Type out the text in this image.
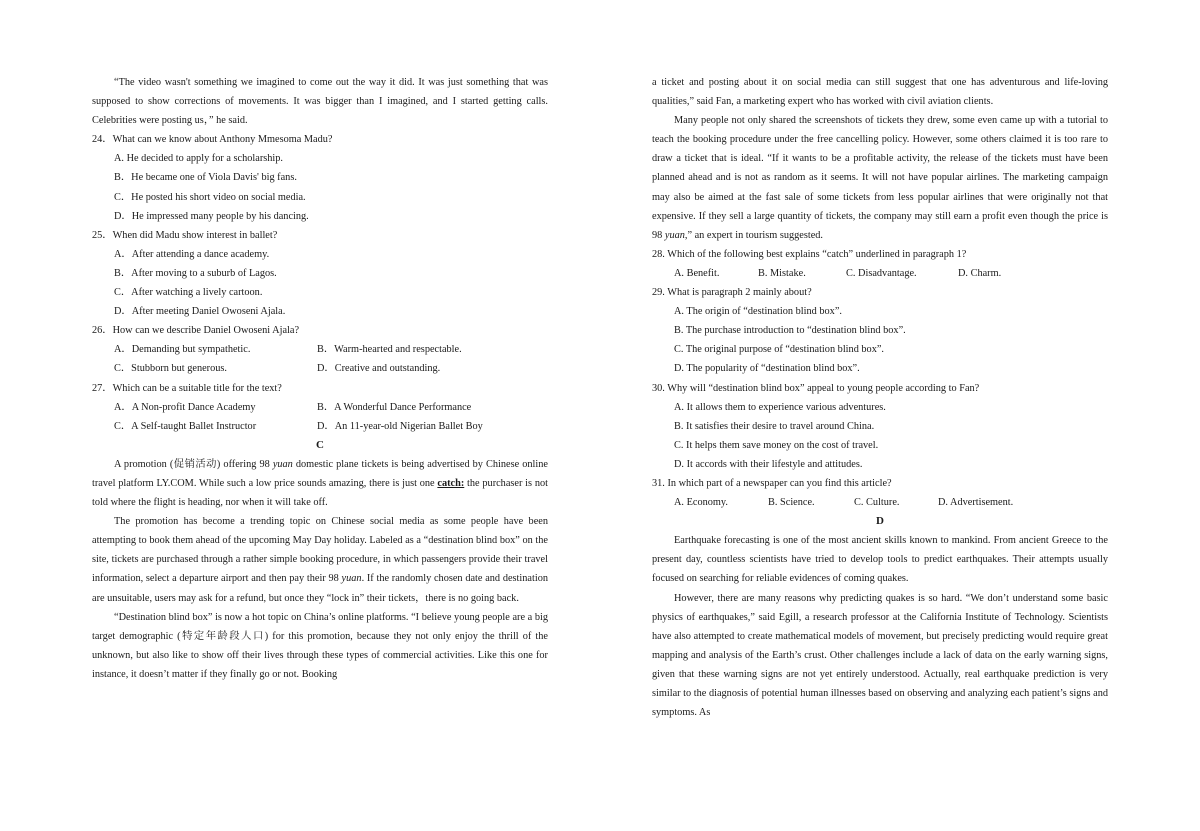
“The video wasn't something we imagined to come out the way it did. It was just something that was supposed to show corrections of movements. It was bigger than I imagined, and I started getting calls. Celebrities were posting us，” he said.

24．What can we know about Anthony Mmesoma Madu?

A. He decided to apply for a scholarship.

B．He became one of Viola Davis' big fans.

C．He posted his short video on social media.

D．He impressed many people by his dancing.

25．When did Madu show interest in ballet?

A．After attending a dance academy.

B．After moving to a suburb of Lagos.

C．After watching a lively cartoon.

D．After meeting Daniel Owoseni Ajala.

26．How can we describe Daniel Owoseni Ajala?

A．Demanding but sympathetic.	B．Warm-hearted and respectable.
C．Stubborn but generous.	D．Creative and outstanding.

27．Which can be a suitable title for the text?

A．A Non-profit Dance Academy	B．A Wonderful Dance Performance
C．A Self-taught Ballet Instructor	D．An 11-year-old Nigerian Ballet Boy

C

A promotion (促销活动) offering 98 yuan domestic plane tickets is being advertised by Chinese online travel platform LY.COM. While such a low price sounds amazing, there is just one catch: the purchaser is not told where the flight is heading, nor when it will take off.

The promotion has become a trending topic on Chinese social media as some people have been attempting to book them ahead of the upcoming May Day holiday. Labeled as a “destination blind box” on the site, tickets are purchased through a rather simple booking procedure, in which passengers provide their travel information, select a departure airport and then pay their 98 yuan. If the randomly chosen date and destination are unsuitable, users may ask for a refund, but once they “lock in” their tickets，there is no going back.

“Destination blind box” is now a hot topic on China’s online platforms. “I believe young people are a big target demographic (特定年龄段人口) for this promotion, because they not only enjoy the thrill of the unknown, but also like to show off their lives through these types of commercial activities. Like this one for instance, it doesn’t matter if they finally go or not. Booking

a ticket and posting about it on social media can still suggest that one has adventurous and life-loving qualities,” said Fan, a marketing expert who has worked with civil aviation clients.

Many people not only shared the screenshots of tickets they drew, some even came up with a tutorial to teach the booking procedure under the free cancelling policy. However, some others claimed it is too rare to draw a ticket that is ideal. “If it wants to be a profitable activity, the release of the tickets must have been planned ahead and is not as random as it seems. It will not have popular airlines. The marketing campaign may also be aimed at the fast sale of some tickets from less popular airlines that were originally not that expensive. If they sell a large quantity of tickets, the company may still earn a profit even though the price is 98 yuan,” an expert in tourism suggested.

28. Which of the following best explains “catch” underlined in paragraph 1?

A. Benefit.	B. Mistake.	C. Disadvantage.	D. Charm.

29. What is paragraph 2 mainly about?

A. The origin of “destination blind box”.

B. The purchase introduction to “destination blind box”.

C. The original purpose of “destination blind box”.

D. The popularity of “destination blind box”.

30. Why will “destination blind box” appeal to young people according to Fan?

A. It allows them to experience various adventures.

B. It satisfies their desire to travel around China.

C. It helps them save money on the cost of travel.

D. It accords with their lifestyle and attitudes.

31. In which part of a newspaper can you find this article?

A. Economy.	B. Science.	C. Culture.	D. Advertisement.

D

Earthquake forecasting is one of the most ancient skills known to mankind. From ancient Greece to the present day, countless scientists have tried to develop tools to predict earthquakes. Their attempts usually focused on searching for reliable evidences of coming quakes.

However, there are many reasons why predicting quakes is so hard. “We don’t understand some basic physics of earthquakes,” said Egill, a research professor at the California Institute of Technology. Scientists have also attempted to create mathematical models of movement, but precisely predicting would require great mapping and analysis of the Earth’s crust. Other challenges include a lack of data on the early warning signs, given that these warning signs are not yet entirely understood. Actually, real earthquake prediction is very similar to the diagnosis of potential human illnesses based on observing and analyzing each patient’s signs and symptoms. As
